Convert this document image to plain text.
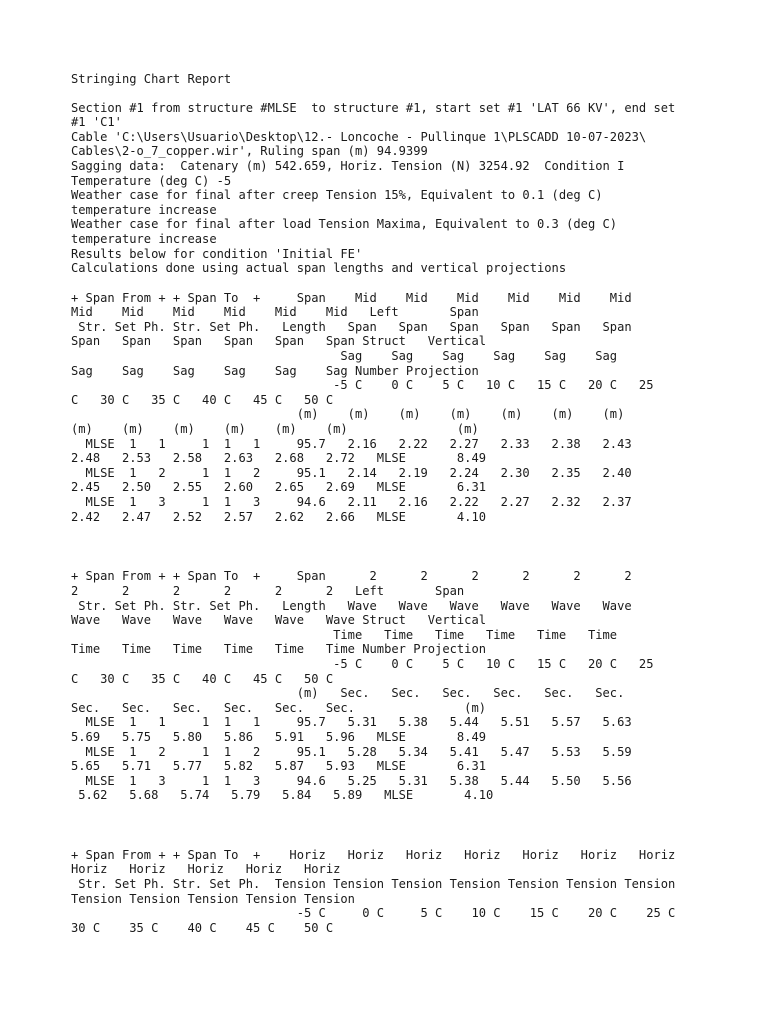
Stringing Chart Report
Section #1 from structure #MLSE  to structure #1, start set #1 'LAT 66 KV', end set
#1 'C1'
Cable 'C:\Users\Usuario\Desktop\12.- Loncoche - Pullinque 1\PLSCADD 10-07-2023\
Cables\2-o_7_copper.wir', Ruling span (m) 94.9399
Sagging data:  Catenary (m) 542.659, Horiz. Tension (N) 3254.92  Condition I
Temperature (deg C) -5
Weather case for final after creep Tension 15%, Equivalent to 0.1 (deg C)
temperature increase
Weather case for final after load Tension Maxima, Equivalent to 0.3 (deg C)
temperature increase
Results below for condition 'Initial FE'
Calculations done using actual span lengths and vertical projections
+ Span From + + Span To  +     Span    Mid    Mid    Mid    Mid    Mid    Mid
Mid    Mid    Mid    Mid    Mid    Mid   Left       Span
Str. Set Ph. Str. Set Ph.   Length   Span   Span   Span   Span   Span   Span
Span   Span   Span   Span   Span   Span Struct   Vertical
Sag    Sag    Sag    Sag    Sag    Sag
Sag    Sag    Sag    Sag    Sag    Sag Number Projection
-5 C    0 C    5 C   10 C   15 C   20 C   25
C   30 C   35 C   40 C   45 C   50 C
(m)    (m)    (m)    (m)    (m)    (m)    (m)
(m)    (m)    (m)    (m)    (m)    (m)               (m)
MLSE  1   1     1  1   1     95.7   2.16   2.22   2.27   2.33   2.38   2.43
2.48   2.53   2.58   2.63   2.68   2.72   MLSE       8.49
MLSE  1   2     1  1   2     95.1   2.14   2.19   2.24   2.30   2.35   2.40
2.45   2.50   2.55   2.60   2.65   2.69   MLSE       6.31
MLSE  1   3     1  1   3     94.6   2.11   2.16   2.22   2.27   2.32   2.37
2.42   2.47   2.52   2.57   2.62   2.66   MLSE       4.10
+ Span From + + Span To  +     Span      2      2      2      2      2      2
2      2      2      2      2      2   Left       Span
Str. Set Ph. Str. Set Ph.   Length   Wave   Wave   Wave   Wave   Wave   Wave
Wave   Wave   Wave   Wave   Wave   Wave Struct   Vertical
Time   Time   Time   Time   Time   Time
Time   Time   Time   Time   Time   Time Number Projection
-5 C    0 C    5 C   10 C   15 C   20 C   25
C   30 C   35 C   40 C   45 C   50 C
(m)   Sec.   Sec.   Sec.   Sec.   Sec.   Sec.
Sec.   Sec.   Sec.   Sec.   Sec.   Sec.               (m)
MLSE  1   1     1  1   1     95.7   5.31   5.38   5.44   5.51   5.57   5.63
5.69   5.75   5.80   5.86   5.91   5.96   MLSE       8.49
MLSE  1   2     1  1   2     95.1   5.28   5.34   5.41   5.47   5.53   5.59
5.65   5.71   5.77   5.82   5.87   5.93   MLSE       6.31
MLSE  1   3     1  1   3     94.6   5.25   5.31   5.38   5.44   5.50   5.56
5.62   5.68   5.74   5.79   5.84   5.89   MLSE       4.10
+ Span From + + Span To  +    Horiz   Horiz   Horiz   Horiz   Horiz   Horiz   Horiz
Horiz   Horiz   Horiz   Horiz   Horiz
Str. Set Ph. Str. Set Ph.  Tension Tension Tension Tension Tension Tension Tension
Tension Tension Tension Tension Tension
-5 C     0 C     5 C    10 C    15 C    20 C    25 C
30 C    35 C    40 C    45 C    50 C
